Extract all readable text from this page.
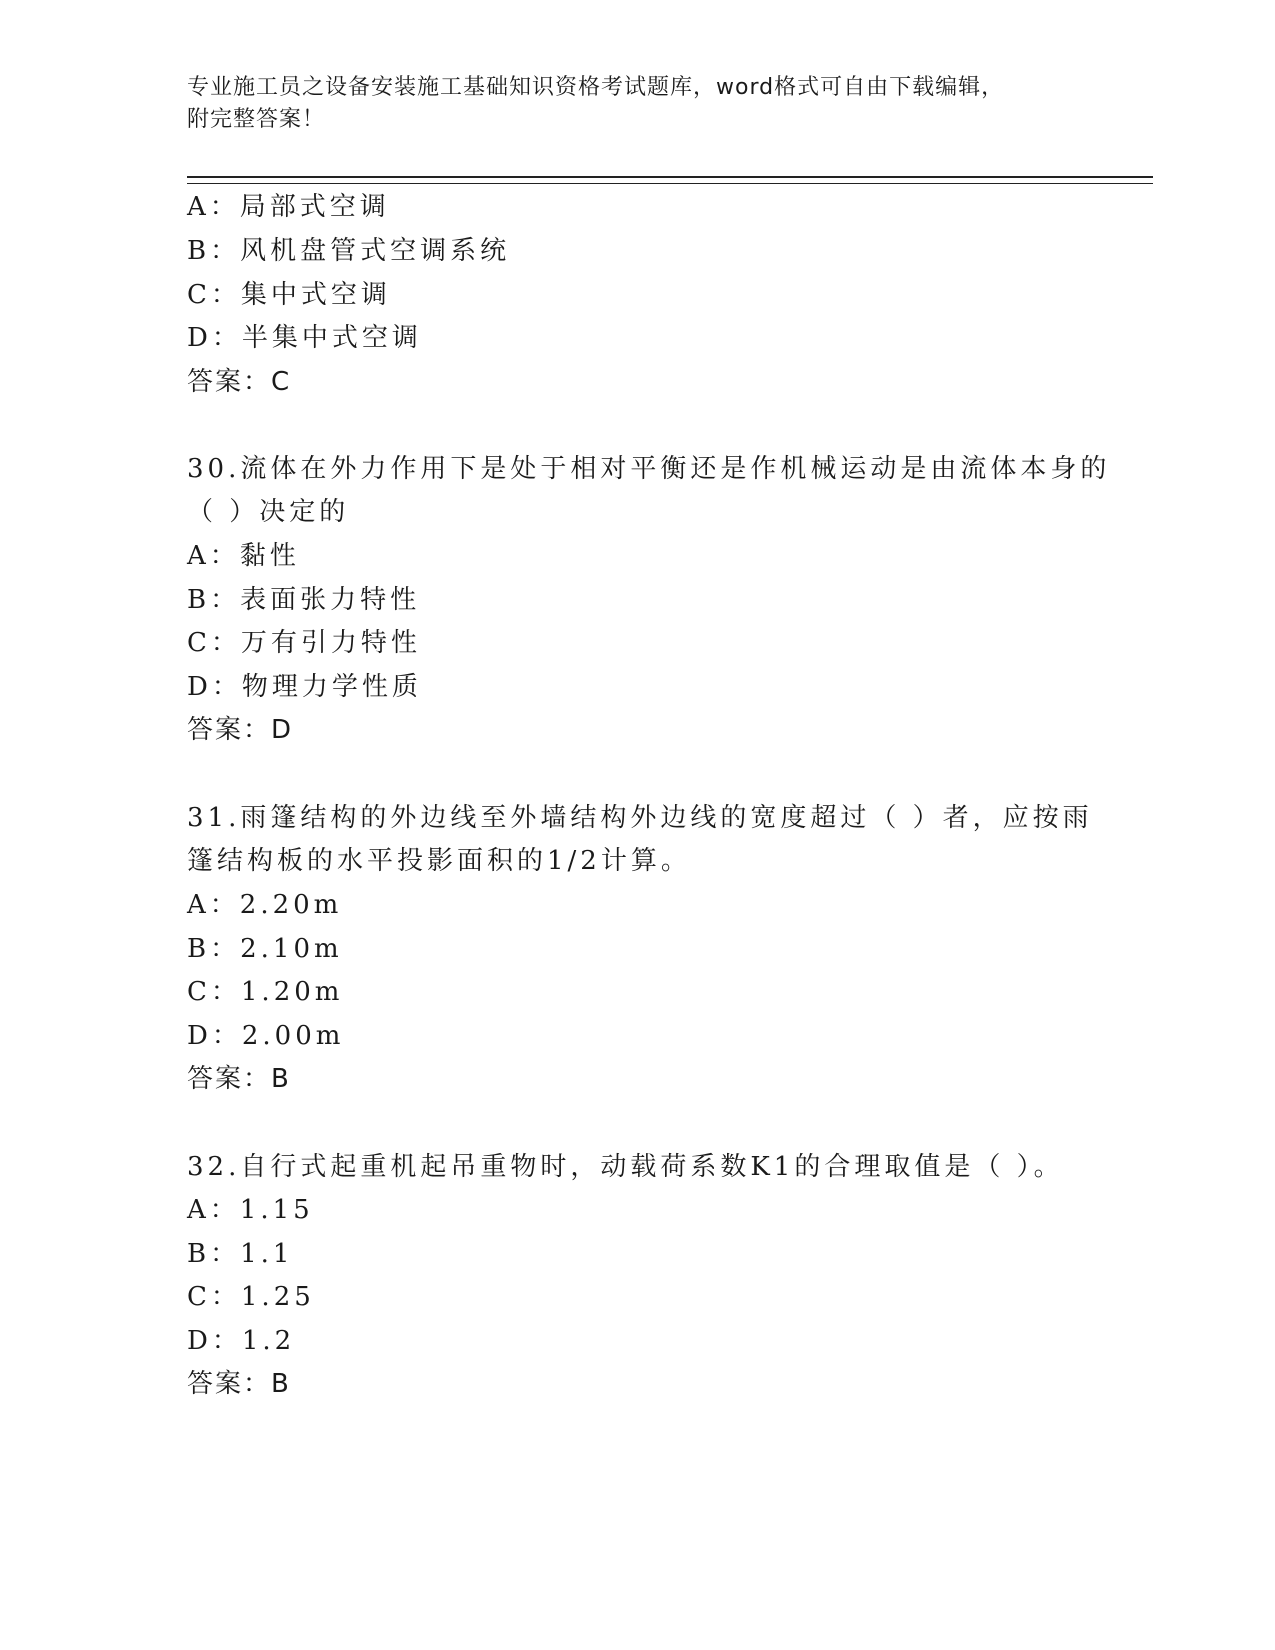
专业施工员之设备安装施工基础知识资格考试题库，word格式可自由下载编辑，
附完整答案！
A：局部式空调
B：风机盘管式空调系统
C：集中式空调
D：半集中式空调
答案：C
30.流体在外力作用下是处于相对平衡还是作机械运动是由流体本身的
（ ）决定的
A：黏性
B：表面张力特性
C：万有引力特性
D：物理力学性质
答案：D
31.雨篷结构的外边线至外墙结构外边线的宽度超过（ ）者，应按雨
篷结构板的水平投影面积的1/2计算。
A：2.20m
B：2.10m
C：1.20m
D：2.00m
答案：B
32.自行式起重机起吊重物时，动载荷系数K1的合理取值是（ ）。
A：1.15
B：1.1
C：1.25
D：1.2
答案：B
